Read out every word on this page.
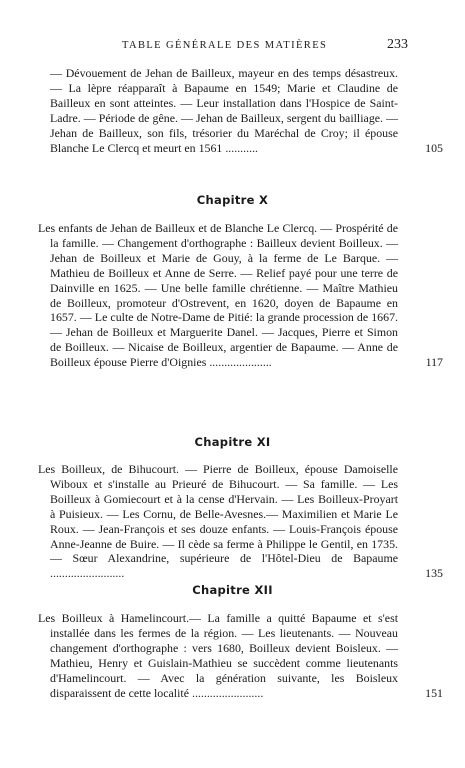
TABLE GÉNÉRALE DES MATIÈRES	233
— Dévouement de Jehan de Bailleux, mayeur en des temps désastreux. — La lèpre réapparaît à Bapaume en 1549; Marie et Claudine de Bailleux en sont atteintes. — Leur installation dans l'Hospice de Saint-Ladre. — Période de gêne. — Jehan de Bailleux, sergent du bailliage. — Jehan de Bailleux, son fils, trésorier du Maréchal de Croy; il épouse Blanche Le Clercq et meurt en 1561 ...........	105
Chapitre X
Les enfants de Jehan de Bailleux et de Blanche Le Clercq. — Prospérité de la famille. — Changement d'orthographe : Bailleux devient Boilleux. — Jehan de Boilleux et Marie de Gouy, à la ferme de Le Barque. — Mathieu de Boilleux et Anne de Serre. — Relief payé pour une terre de Dainville en 1625. — Une belle famille chrétienne. — Maître Mathieu de Boilleux, promoteur d'Ostrevent, en 1620, doyen de Bapaume en 1657. — Le culte de Notre-Dame de Pitié: la grande procession de 1667. — Jehan de Boilleux et Marguerite Danel. — Jacques, Pierre et Simon de Boilleux. — Nicaise de Boilleux, argentier de Bapaume. — Anne de Boilleux épouse Pierre d'Oignies .....................	117
Chapitre XI
Les Boilleux, de Bihucourt. — Pierre de Boilleux, épouse Damoiselle Wiboux et s'installe au Prieuré de Bihucourt. — Sa famille. — Les Boilleux à Gomiecourt et à la cense d'Hervain. — Les Boilleux-Proyart à Puisieux. — Les Cornu, de Belle-Avesnes.— Maximilien et Marie Le Roux. — Jean-François et ses douze enfants. — Louis-François épouse Anne-Jeanne de Buire. — Il cède sa ferme à Philippe le Gentil, en 1735. — Sœur Alexandrine, supérieure de l'Hôtel-Dieu de Bapaume .........................	135
Chapitre XII
Les Boilleux à Hamelincourt.— La famille a quitté Bapaume et s'est installée dans les fermes de la région. — Les lieutenants. — Nouveau changement d'orthographe : vers 1680, Boilleux devient Boisleux. — Mathieu, Henry et Guislain-Mathieu se succèdent comme lieutenants d'Hamelincourt. — Avec la génération suivante, les Boisleux disparaissent de cette localité ........................	151
